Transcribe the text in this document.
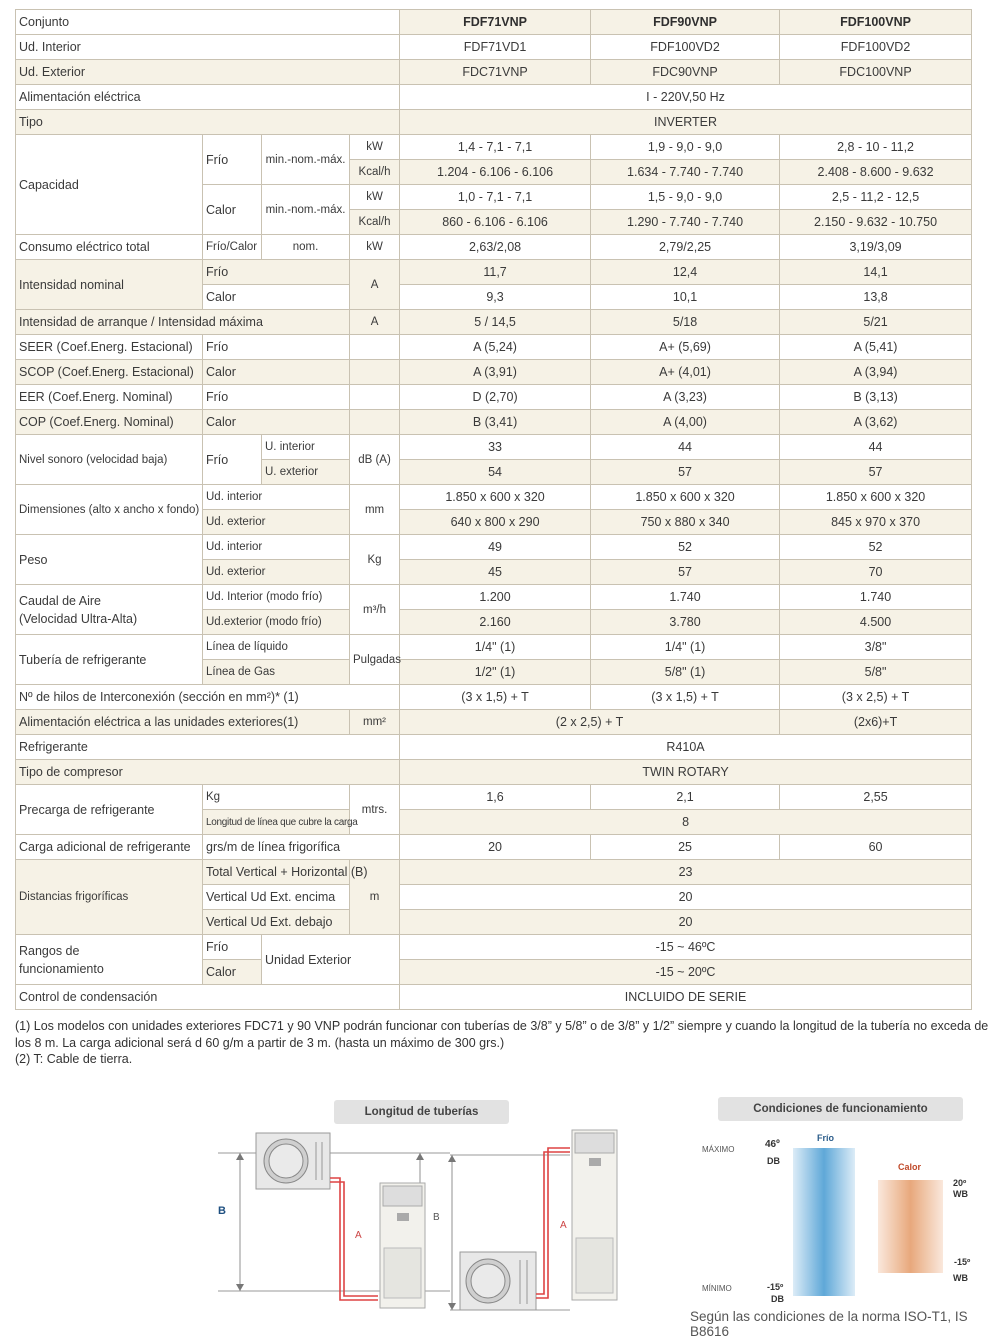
Conjunto				FDF71VNP	FDF90VNP	FDF100VNP
Ud. Interior				FDF71VD1	FDF100VD2	FDF100VD2
Ud. Exterior				FDC71VNP	FDC90VNP	FDC100VNP
Alimentación eléctrica				I - 220V,50 Hz		
Tipo				INVERTER		
Capacidad	Frío	min.-nom.-máx.	kW	1,4 - 7,1 - 7,1	1,9 - 9,0 - 9,0	2,8 - 10 - 11,2
			Kcal/h	1.204 - 6.106 - 6.106	1.634 - 7.740 - 7.740	2.408 - 8.600 - 9.632
	Calor	min.-nom.-máx.	kW	1,0 - 7,1 - 7,1	1,5 - 9,0 - 9,0	2,5 - 11,2 - 12,5
			Kcal/h	860 - 6.106 - 6.106	1.290 - 7.740 - 7.740	2.150 - 9.632 - 10.750
Consumo eléctrico total	Frío/Calor	nom.	kW	2,63/2,08	2,79/2,25	3,19/3,09
Intensidad nominal	Frío		A	11,7	12,4	14,1
	Calor			9,3	10,1	13,8
Intensidad de arranque / Intensidad máxima			A	5 / 14,5	5/18	5/21
SEER (Coef.Energ. Estacional)	Frío			A (5,24)	A+ (5,69)	A (5,41)
SCOP (Coef.Energ. Estacional)	Calor			A (3,91)	A+ (4,01)	A (3,94)
EER (Coef.Energ. Nominal)	Frío			D (2,70)	A (3,23)	B (3,13)
COP (Coef.Energ. Nominal)	Calor			B (3,41)	A (4,00)	A (3,62)
Nivel sonoro (velocidad baja)	Frío	U. interior	dB (A)	33	44	44
		U. exterior		54	57	57
Dimensiones (alto x ancho x fondo)	Ud. interior		mm	1.850 x 600 x 320	1.850 x 600 x 320	1.850 x 600 x 320
	Ud. exterior			640 x 800 x 290	750 x 880 x 340	845 x 970 x 370
Peso	Ud. interior		Kg	49	52	52
	Ud. exterior			45	57	70
Caudal de Aire
(Velocidad Ultra-Alta)	Ud. Interior (modo frío)		m³/h	1.200	1.740	1.740
	Ud.exterior (modo frío)			2.160	3.780	4.500
Tubería de refrigerante	Línea de líquido		Pulgadas	1/4" (1)	1/4" (1)	3/8"
	Línea de Gas			1/2" (1)	5/8" (1)	5/8"
Nº de hilos de Interconexión (sección en mm²)* (1)				(3 x 1,5) + T	(3 x 1,5) + T	(3 x 2,5) + T
Alimentación eléctrica a las unidades exteriores(1)			mm²	(2 x 2,5) + T		(2x6)+T
Refrigerante				R410A		
Tipo de compresor				TWIN ROTARY		
Precarga de refrigerante	Kg		mtrs.	1,6	2,1	2,55
	Longitud de línea que cubre la carga			8		
Carga adicional de refrigerante	grs/m de línea frigorífica			20	25	60
Distancias frigoríficas	Total Vertical + Horizontal (B)		m	23		
	Vertical Ud Ext. encima			20		
	Vertical Ud Ext. debajo			20		
Rangos de
funcionamiento	Frío	Unidad Exterior		-15 ~ 46ºC		
	Calor			-15 ~ 20ºC		
Control de condensación				INCLUIDO DE SERIE		

(1) Los modelos con unidades exteriores FDC71 y 90 VNP podrán funcionar con tuberías de 3/8” y 5/8” o de 3/8” y 1/2” siempre y cuando la longitud de la tubería no exceda de los 8 m. La carga adicional será d 60 g/m a partir de 3 m. (hasta un máximo de 300 grs.)

(2) T: Cable de tierra.

Longitud de tuberías
B
A
B
A
Condiciones de funcionamiento
MÁXIMO
MÍNIMO
Frío
Calor
46º
DB
-15º
DB
20º
WB
-15º
WB
Según las condiciones de la norma ISO-T1, IS B8616
